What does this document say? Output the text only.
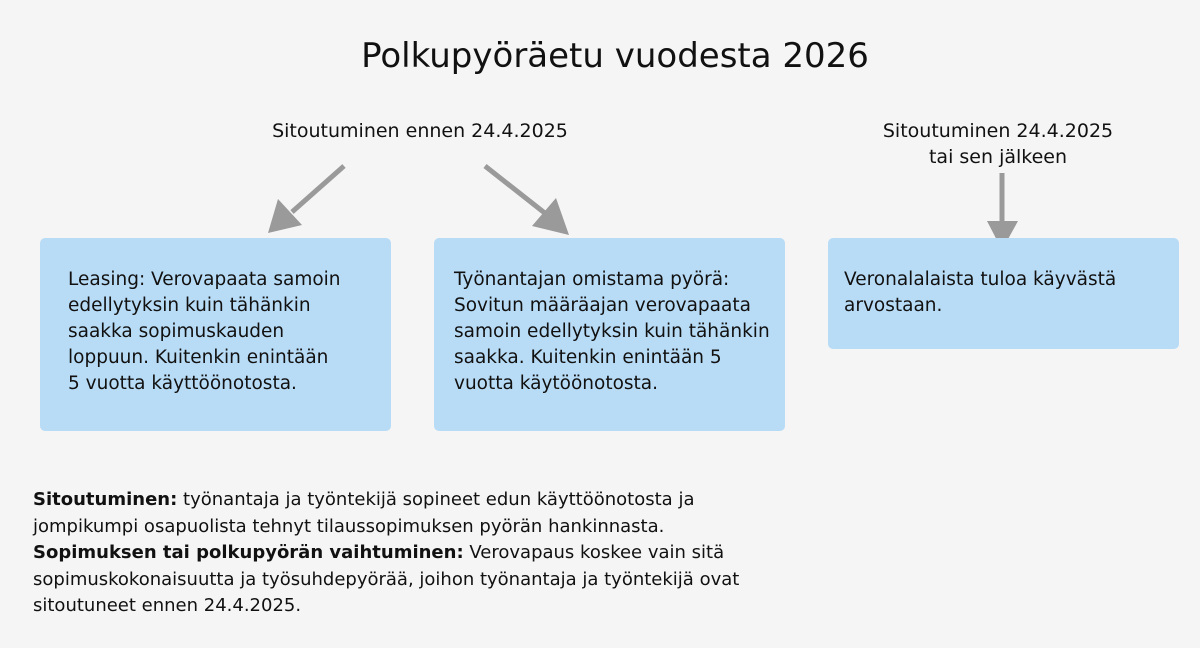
Polkupyöräetu vuodesta 2026
Sitoutuminen ennen 24.4.2025	Sitoutuminen 24.4.2025
tai sen jälkeen
Leasing: Verovapaata samoin
edellytyksin kuin tähänkin
saakka sopimuskauden
loppuun. Kuitenkin enintään
5 vuotta käyttöönotosta.
Työnantajan omistama pyörä:
Sovitun määräajan verovapaata
samoin edellytyksin kuin tähänkin
saakka. Kuitenkin enintään 5
vuotta käytöönotosta.
Veronalalaista tuloa käyvästä
arvostaan.
Sitoutuminen: työnantaja ja työntekijä sopineet edun käyttöönotosta ja
jompikumpi osapuolista tehnyt tilaussopimuksen pyörän hankinnasta.
Sopimuksen tai polkupyörän vaihtuminen: Verovapaus koskee vain sitä
sopimuskokonaisuutta ja työsuhdepyörää, joihon työnantaja ja työntekijä ovat
sitoutuneet ennen 24.4.2025.
